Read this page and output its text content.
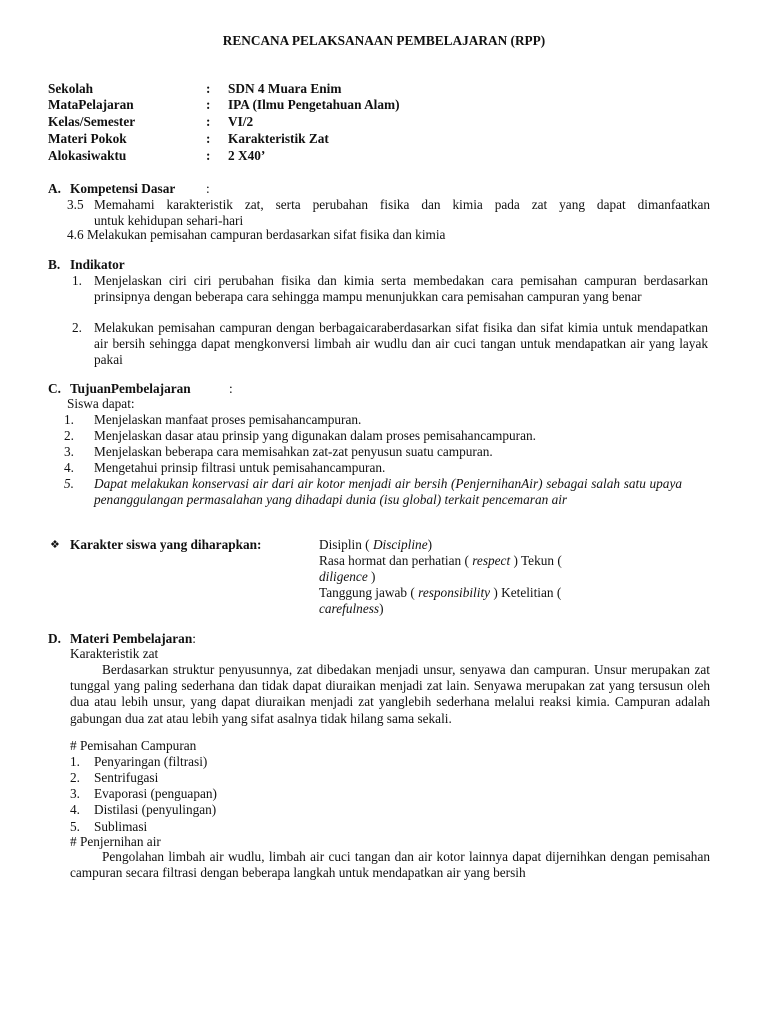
RENCANA PELAKSANAAN PEMBELAJARAN (RPP)
Sekolah	: SDN 4 Muara Enim
MataPelajaran	: IPA (Ilmu Pengetahuan Alam)
Kelas/Semester	: VI/2
Materi Pokok	: Karakteristik Zat
Alokasiwaktu	: 2 X40’
A. Kompetensi Dasar :
3.5 Memahami karakteristik zat, serta perubahan fisika dan kimia pada zat yang dapat dimanfaatkan
untuk kehidupan sehari-hari
4.6 Melakukan pemisahan campuran berdasarkan sifat fisika dan kimia
B. Indikator
1. Menjelaskan ciri ciri perubahan fisika dan kimia serta membedakan cara pemisahan campuran berdasarkan prinsipnya dengan beberapa cara sehingga mampu menunjukkan cara pemisahan campuran yang benar
2. Melakukan pemisahan campuran dengan berbagaicaraberdasarkan sifat fisika dan sifat kimia untuk mendapatkan air bersih sehingga dapat mengkonversi limbah air wudlu dan air cuci tangan untuk mendapatkan air yang layak pakai
C. TujuanPembelajaran	:
Siswa dapat:
1. Menjelaskan manfaat proses pemisahancampuran.
2. Menjelaskan dasar atau prinsip yang digunakan dalam proses pemisahancampuran.
3. Menjelaskan beberapa cara memisahkan zat-zat penyusun suatu campuran.
4. Mengetahui prinsip filtrasi untuk pemisahancampuran.
5. Dapat melakukan konservasi air dari air kotor menjadi air bersih (PenjernihanAir) sebagai salah satu upaya penanggulangan permasalahan yang dihadapi dunia (isu global) terkait pencemaran air
❖ Karakter siswa yang diharapkan:	Disiplin ( Discipline)
Rasa hormat dan perhatian ( respect ) Tekun (
diligence )
Tanggung jawab ( responsibility ) Ketelitian (
carefulness)
D. Materi Pembelajaran:
Karakteristik zat
Berdasarkan struktur penyusunnya, zat dibedakan menjadi unsur, senyawa dan campuran. Unsur merupakan zat tunggal yang paling sederhana dan tidak dapat diuraikan menjadi zat lain. Senyawa merupakan zat yang tersusun oleh dua atau lebih unsur, yang dapat diuraikan menjadi zat yanglebih sederhana melalui reaksi kimia. Campuran adalah gabungan dua zat atau lebih yang sifat asalnya tidak hilang sama sekali.
# Pemisahan Campuran
1. Penyaringan (filtrasi)
2. Sentrifugasi
3. Evaporasi (penguapan)
4. Distilasi (penyulingan)
5. Sublimasi
# Penjernihan air
Pengolahan limbah air wudlu, limbah air cuci tangan dan air kotor lainnya dapat dijernihkan dengan pemisahan campuran secara filtrasi dengan beberapa langkah untuk mendapatkan air yang bersih
